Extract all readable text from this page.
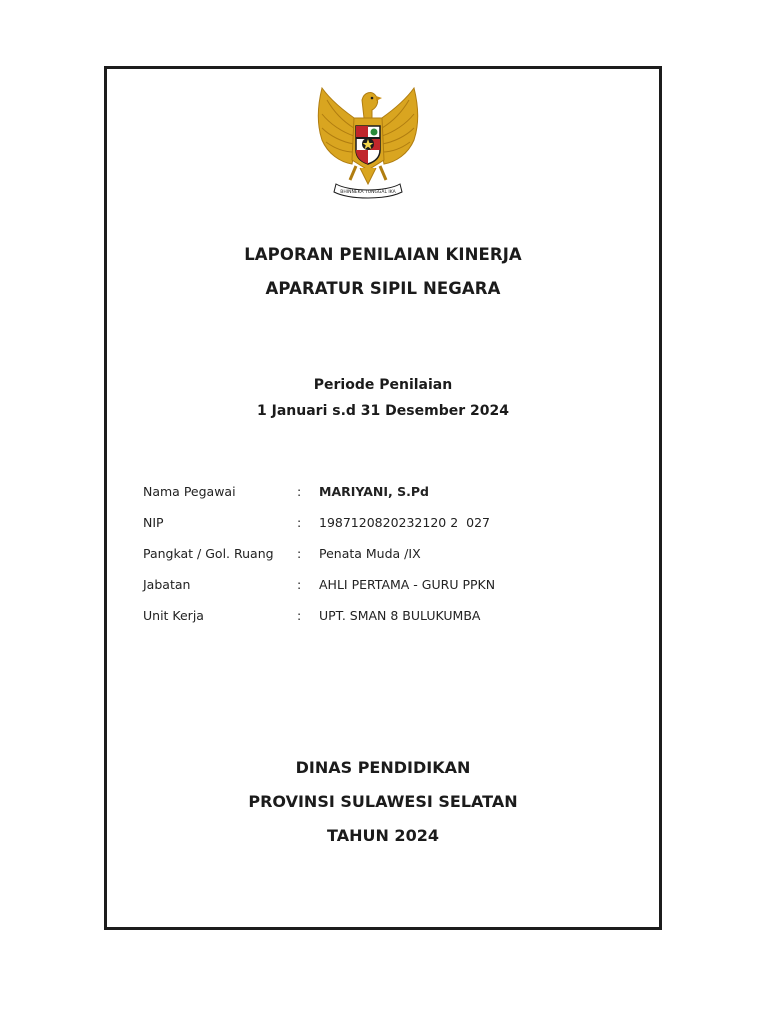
BHINNEKA TUNGGAL IKA
LAPORAN PENILAIAN KINERJA
APARATUR SIPIL NEGARA
Periode Penilaian
1 Januari s.d 31 Desember 2024
Nama Pegawai	: MARIYANI, S.Pd
NIP	: 1987120820232120 2  027
Pangkat / Gol. Ruang : Penata Muda /IX
Jabatan	: AHLI PERTAMA - GURU PPKN
Unit Kerja	: UPT. SMAN 8 BULUKUMBA
DINAS PENDIDIKAN
PROVINSI SULAWESI SELATAN
TAHUN 2024
